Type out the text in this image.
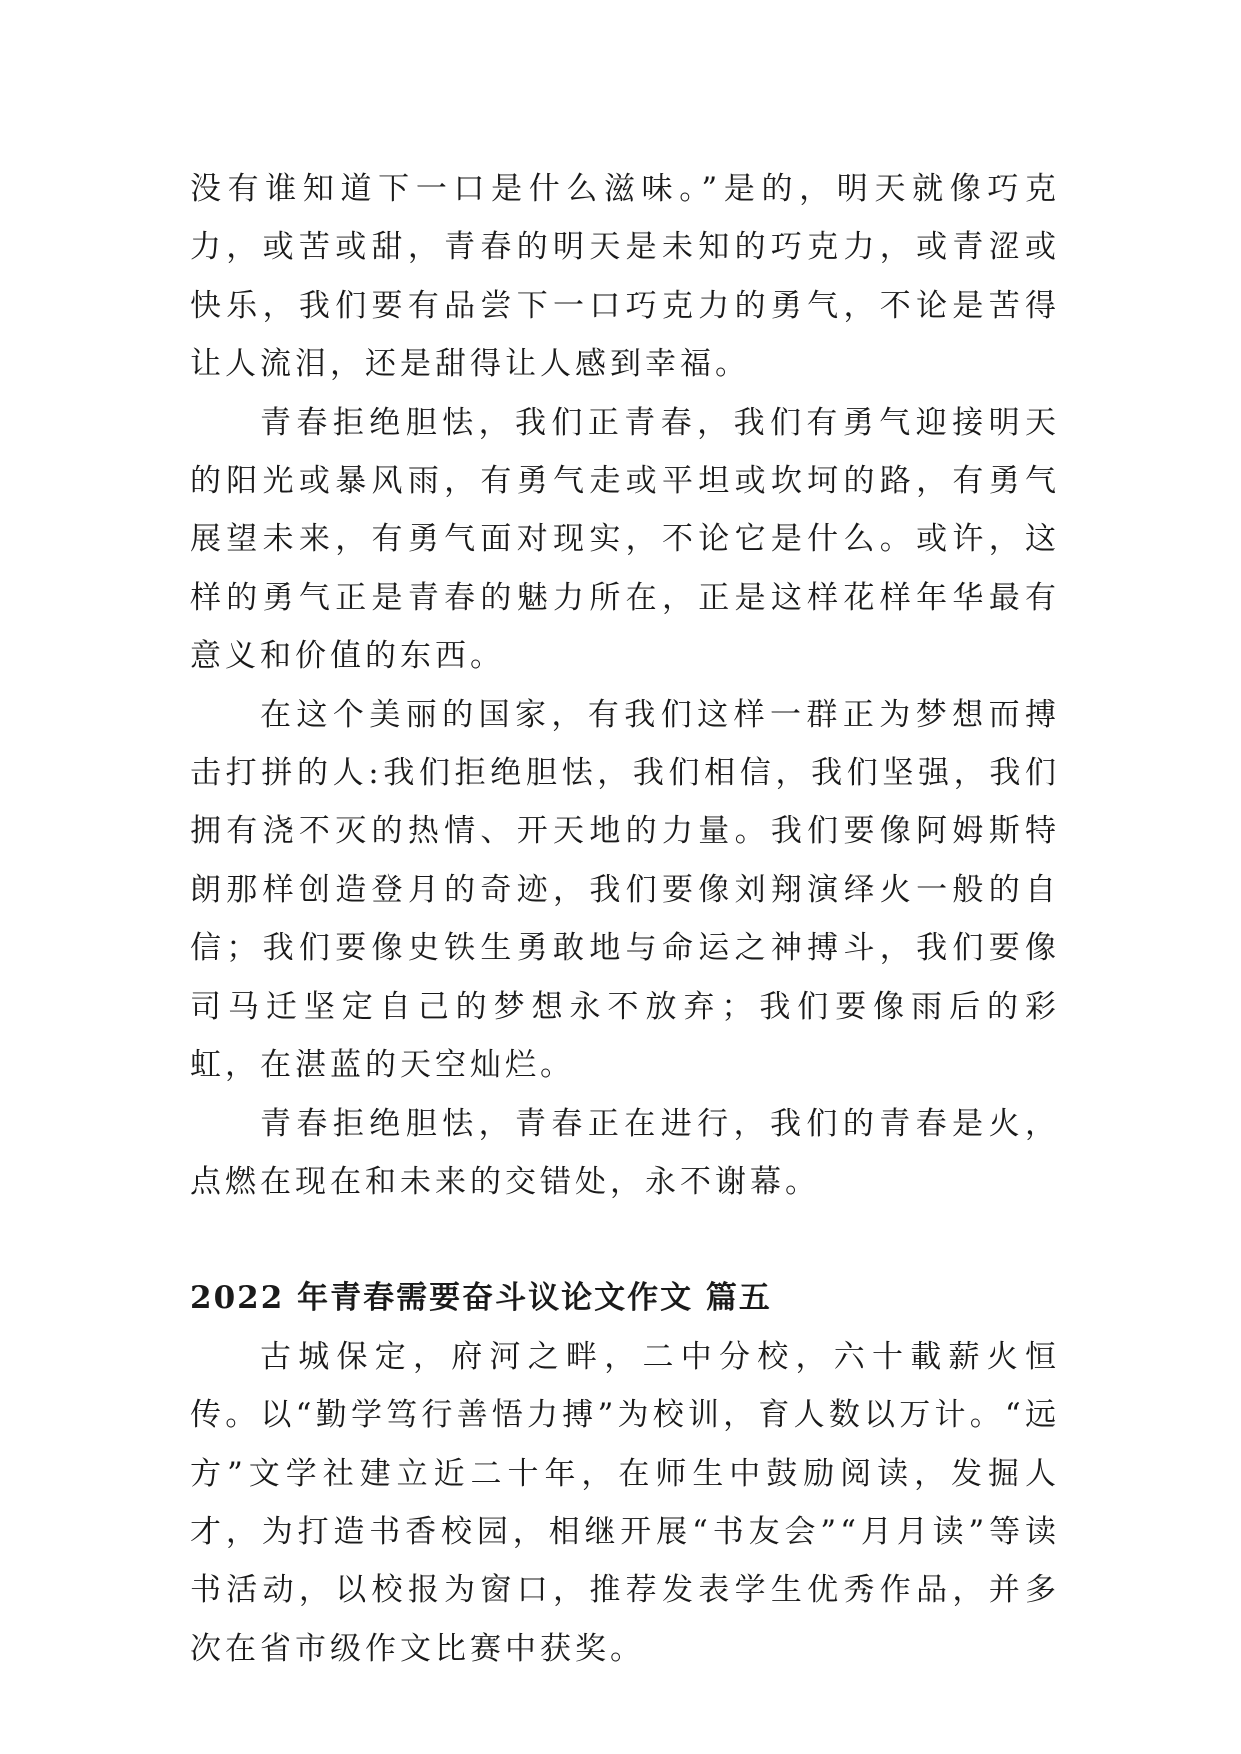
没有谁知道下一口是什么滋味。”是的，明天就像巧克力，或苦或甜，青春的明天是未知的巧克力，或青涩或快乐，我们要有品尝下一口巧克力的勇气，不论是苦得让人流泪，还是甜得让人感到幸福。

青春拒绝胆怯，我们正青春，我们有勇气迎接明天的阳光或暴风雨，有勇气走或平坦或坎坷的路，有勇气展望未来，有勇气面对现实，不论它是什么。或许，这样的勇气正是青春的魅力所在，正是这样花样年华最有意义和价值的东西。

在这个美丽的国家，有我们这样一群正为梦想而搏击打拼的人:我们拒绝胆怯，我们相信，我们坚强，我们拥有浇不灭的热情、开天地的力量。我们要像阿姆斯特朗那样创造登月的奇迹，我们要像刘翔演绎火一般的自信；我们要像史铁生勇敢地与命运之神搏斗，我们要像司马迁坚定自己的梦想永不放弃；我们要像雨后的彩虹，在湛蓝的天空灿烂。

青春拒绝胆怯，青春正在进行，我们的青春是火，点燃在现在和未来的交错处，永不谢幕。

2022 年青春需要奋斗议论文作文 篇五

古城保定，府河之畔，二中分校，六十載薪火恒传。以“勤学笃行善悟力搏”为校训，育人数以万计。“远方”文学社建立近二十年，在师生中鼓励阅读，发掘人才，为打造书香校园，相继开展“书友会”“月月读”等读书活动，以校报为窗口，推荐发表学生优秀作品，并多次在省市级作文比赛中获奖。
